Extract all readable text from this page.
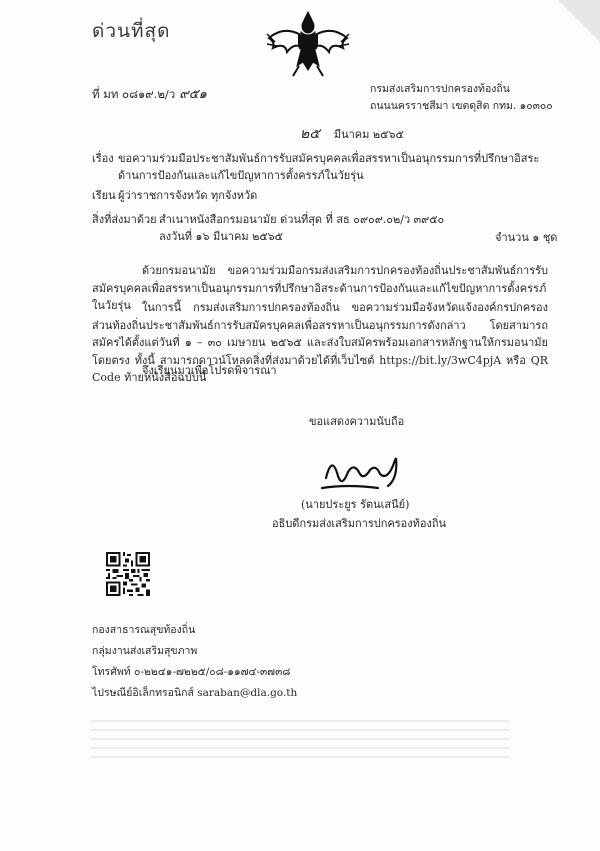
ด่วนที่สุด
ที่ มท ๐๘๑๙.๒/ว ๙๕๑	กรมส่งเสริมการปกครองท้องถิ่น
ถนนนครราชสีมา เขตดุสิต กทม. ๑๐๓๐๐
๒๕ มีนาคม ๒๕๖๕
เรื่อง ขอความร่วมมือประชาสัมพันธ์การรับสมัครบุคคลเพื่อสรรหาเป็นอนุกรรมการที่ปรึกษาอิสระ
ด้านการป้องกันและแก้ไขปัญหาการตั้งครรภ์ในวัยรุ่น
เรียน ผู้ว่าราชการจังหวัด ทุกจังหวัด
สิ่งที่ส่งมาด้วย สำเนาหนังสือกรมอนามัย ด่วนที่สุด ที่ สธ ๐๙๐๙.๐๒/ว ๓๙๕๐
ลงวันที่ ๑๖ มีนาคม ๒๕๖๕	จำนวน ๑ ชุด
ด้วยกรมอนามัย ขอความร่วมมือกรมส่งเสริมการปกครองท้องถิ่นประชาสัมพันธ์การรับสมัครบุคคลเพื่อสรรหาเป็นอนุกรรมการที่ปรึกษาอิสระด้านการป้องกันและแก้ไขปัญหาการตั้งครรภ์ในวัยรุ่น	ในการนี้ กรมส่งเสริมการปกครองท้องถิ่น ขอความร่วมมือจังหวัดแจ้งองค์กรปกครองส่วนท้องถิ่นประชาสัมพันธ์การรับสมัครบุคคลเพื่อสรรหาเป็นอนุกรรมการดังกล่าว โดยสามารถสมัครได้ตั้งแต่วันที่ ๑ – ๓๐ เมษายน ๒๕๖๕ และส่งใบสมัครพร้อมเอกสารหลักฐานให้กรมอนามัยโดยตรง ทั้งนี้ สามารถดาวน์โหลดสิ่งที่ส่งมาด้วยได้ที่เว็บไซต์ https://bit.ly/3wC4pjA หรือ QR Code ท้ายหนังสือฉบับนี้
จึงเรียนมาเพื่อโปรดพิจารณา
ขอแสดงความนับถือ
(นายประยูร รัตนเสนีย์)
อธิบดีกรมส่งเสริมการปกครองท้องถิ่น
กองสาธารณสุขท้องถิ่น
กลุ่มงานส่งเสริมสุขภาพ
โทรศัพท์ ๐-๒๒๔๑-๗๒๒๕/๐๘-๑๑๗๔-๓๗๓๘
ไปรษณีย์อิเล็กทรอนิกส์ saraban@dla.go.th
